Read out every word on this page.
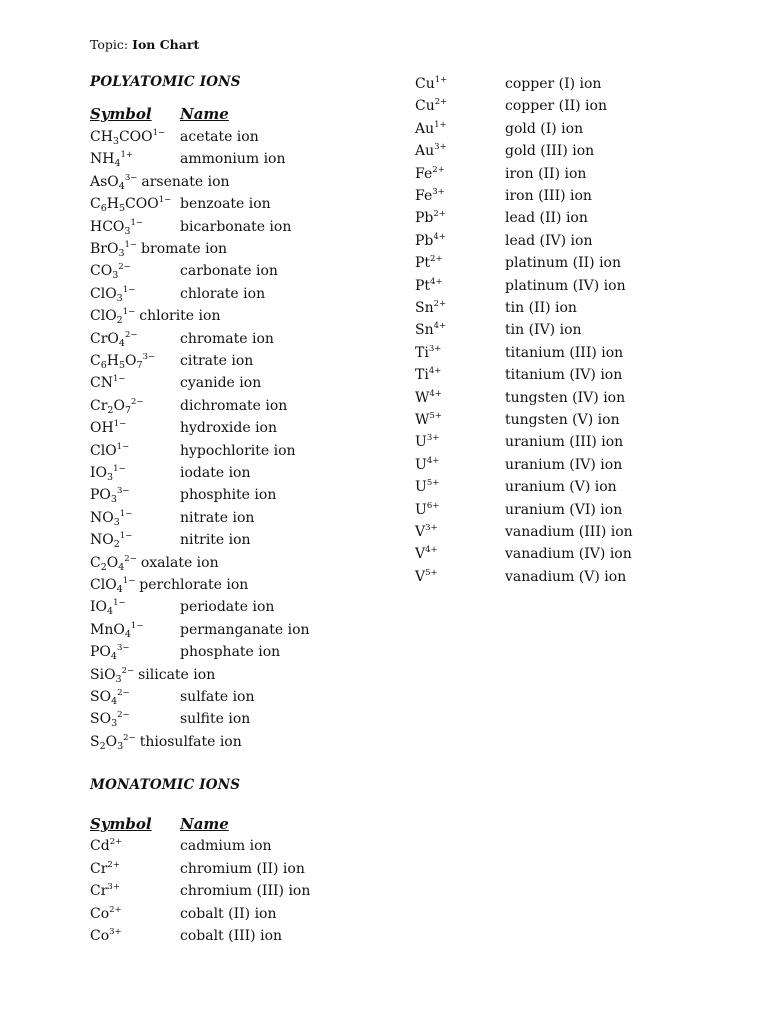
Topic: Ion Chart
POLYATOMIC IONS
Symbol Name
$CH_3COO^{1-}$ acetate ion
$NH_4^{1+}$	ammonium ion
AsO$_4^{3-}$ arsenate ion
$C_6H_5COO^{1-}$ benzoate ion
$HCO_3^{1-}$	bicarbonate ion
BrO$_3^{1-}$ bromate ion
$CO_3^{2-}$	carbonate ion
ClO$_3^{1-}$	chlorate ion
ClO$_2^{1-}$ chlorite ion
CrO$_4^{2-}$	chromate ion
$C_6H_5O_7^{3-}$ citrate ion
$CN^{1-}$	cyanide ion
$Cr_2O_7^{2-}$	dichromate ion
$OH^{1-}$	hydroxide ion
ClO$^{1-}$	hypochlorite ion
$IO_3^{1-}$	iodate ion
$PO_3^{3-}$	phosphite ion
$NO_3^{1-}$	nitrate ion
$NO_2^{1-}$	nitrite ion
$C_2O_4^{2-}$ oxalate ion
ClO$_4^{1-}$ perchlorate ion
$IO_4^{1-}$	periodate ion
MnO$_4^{1-}$	permanganate ion
$PO_4^{3-}$	phosphate ion
SiO$_3^{2-}$ silicate ion
$SO_4^{2-}$	sulfate ion
$SO_3^{2-}$	sulfite ion
$S_2O_3^{2-}$ thiosulfate ion
MONATOMIC IONS
Symbol Name
$Cd^{2+}$	cadmium ion
$Cr^{2+}$	chromium (II) ion
$Cr^{3+}$	chromium (III) ion
$Co^{2+}$	cobalt (II) ion
$Co^{3+}$	cobalt (III) ion
$Cu^{1+}$	copper (I) ion
$Cu^{2+}$	copper (II) ion
$Au^{1+}$	gold (I) ion
$Au^{3+}$	gold (III) ion
$Fe^{2+}$	iron (II) ion
$Fe^{3+}$	iron (III) ion
$Pb^{2+}$	lead (II) ion
$Pb^{4+}$	lead (IV) ion
$Pt^{2+}$	platinum (II) ion
$Pt^{4+}$	platinum (IV) ion
$Sn^{2+}$	tin (II) ion
$Sn^{4+}$	tin (IV) ion
$Ti^{3+}$	titanium (III) ion
$Ti^{4+}$	titanium (IV) ion
$W^{4+}$	tungsten (IV) ion
$W^{5+}$	tungsten (V) ion
$U^{3+}$	uranium (III) ion
$U^{4+}$	uranium (IV) ion
$U^{5+}$	uranium (V) ion
$U^{6+}$	uranium (VI) ion
$V^{3+}$	vanadium (III) ion
$V^{4+}$	vanadium (IV) ion
$V^{5+}$	vanadium (V) ion
